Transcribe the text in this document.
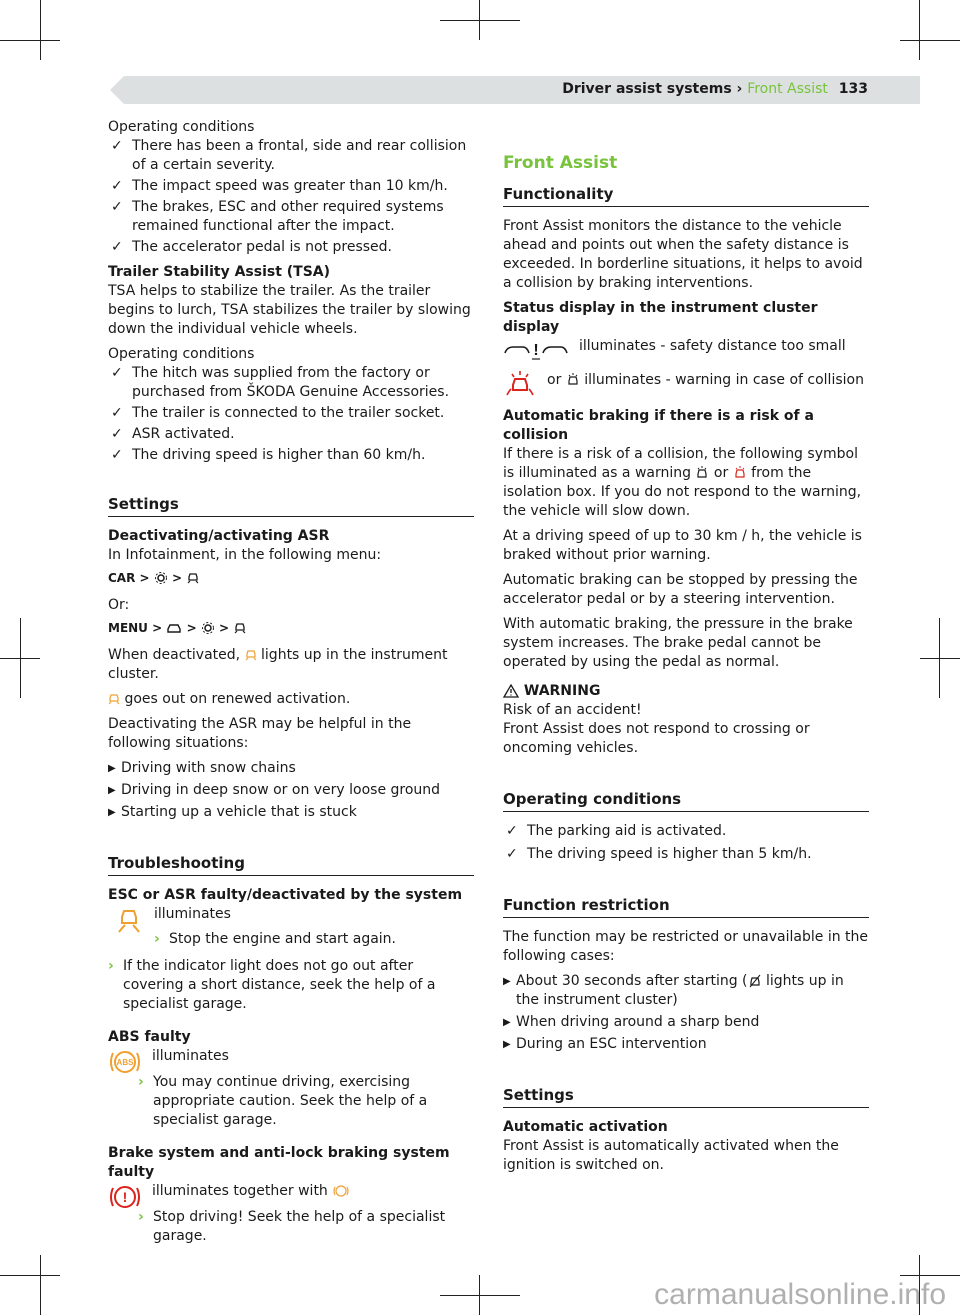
Driver assist systems › Front Assist 133
Operating conditions
✓ There has been a frontal, side and rear collision of a certain severity.
✓ The impact speed was greater than 10 km/h.
✓ The brakes, ESC and other required systems remained functional after the impact.
✓ The accelerator pedal is not pressed.
Trailer Stability Assist (TSA)

TSA helps to stabilize the trailer. As the trailer begins to lurch, TSA stabilizes the trailer by slowing down the individual vehicle wheels.

Operating conditions
✓ The hitch was supplied from the factory or purchased from ŠKODA Genuine Accessories.
✓ The trailer is connected to the trailer socket.
✓ ASR activated.
✓ The driving speed is higher than 60 km/h.
Settings
Deactivating/activating ASR
In Infotainment, in the following menu:
CAR > >
Or:
MENU > > >

When deactivated, lights up in the instrument cluster.

goes out on renewed activation.

Deactivating the ASR may be helpful in the following situations:

▶ Driving with snow chains
▶ Driving in deep snow or on very loose ground
▶ Starting up a vehicle that is stuck
Troubleshooting
ESC or ASR faulty/deactivated by the system
illuminates
› Stop the engine and start again.
› If the indicator light does not go out after covering a short distance, seek the help of a specialist garage.
ABS faulty
ABS illuminates
› You may continue driving, exercising appropriate caution. Seek the help of a specialist garage.
Brake system and anti-lock braking system faulty
! illuminates together with
› Stop driving! Seek the help of a specialist garage.
Front Assist
Functionality

Front Assist monitors the distance to the vehicle ahead and points out when the safety distance is exceeded. In borderline situations, it helps to avoid a collision by braking interventions.

Status display in the instrument cluster display
!	illuminates - safety distance too small
or illuminates - warning in case of collision
Automatic braking if there is a risk of a collision

If there is a risk of a collision, the following symbol is illuminated as a warning or from the isolation box. If you do not respond to the warning, the vehicle will slow down.

At a driving speed of up to 30 km / h, the vehicle is braked without prior warning.

Automatic braking can be stopped by pressing the accelerator pedal or by a steering intervention.

With automatic braking, the pressure in the brake system increases. The brake pedal cannot be operated by using the pedal as normal.

WARNING
Risk of an accident!
Front Assist does not respond to crossing or oncoming vehicles.
Operating conditions
✓ The parking aid is activated.
✓ The driving speed is higher than 5 km/h.
Function restriction

The function may be restricted or unavailable in the following cases:

▶ About 30 seconds after starting ( lights up in the instrument cluster)
▶ When driving around a sharp bend
▶ During an ESC intervention
Settings
Automatic activation
Front Assist is automatically activated when the ignition is switched on.
carmanualsonline.info
